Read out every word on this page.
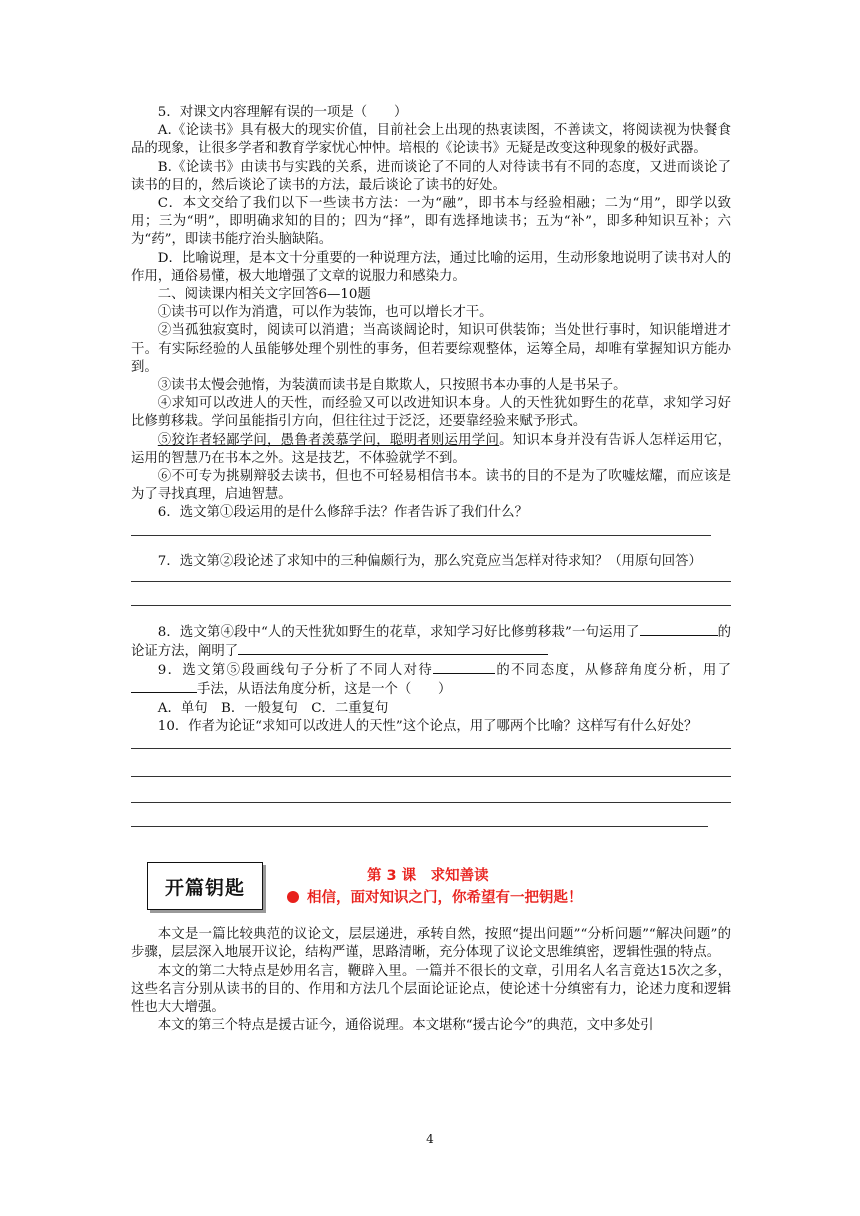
5．对课文内容理解有误的一项是（　　）

A.《论读书》具有极大的现实价值，目前社会上出现的热衷读图，不善读文，将阅读视为快餐食品的现象，让很多学者和教育学家忧心忡忡。培根的《论读书》无疑是改变这种现象的极好武器。

B.《论读书》由读书与实践的关系，进而谈论了不同的人对待读书有不同的态度，又进而谈论了读书的目的，然后谈论了读书的方法，最后谈论了读书的好处。

C．本文交给了我们以下一些读书方法：一为“融”，即书本与经验相融；二为“用”，即学以致用；三为“明”，即明确求知的目的；四为“择”，即有选择地读书；五为“补”，即多种知识互补；六为“药”，即读书能疗治头脑缺陷。

D．比喻说理，是本文十分重要的一种说理方法，通过比喻的运用，生动形象地说明了读书对人的作用，通俗易懂，极大地增强了文章的说服力和感染力。

二、阅读课内相关文字回答6—10题

①读书可以作为消遣，可以作为装饰，也可以增长才干。

②当孤独寂寞时，阅读可以消遣；当高谈阔论时，知识可供装饰；当处世行事时，知识能增进才干。有实际经验的人虽能够处理个别性的事务，但若要综观整体，运筹全局，却唯有掌握知识方能办到。

③读书太慢会弛惰，为装潢而读书是自欺欺人，只按照书本办事的人是书呆子。

④求知可以改进人的天性，而经验又可以改进知识本身。人的天性犹如野生的花草，求知学习好比修剪移栽。学问虽能指引方向，但往往过于泛泛，还要靠经验来赋予形式。

⑤狡诈者轻鄙学问，愚鲁者羡慕学问，聪明者则运用学问。知识本身并没有告诉人怎样运用它，运用的智慧乃在书本之外。这是技艺，不体验就学不到。

⑥不可专为挑剔辩驳去读书，但也不可轻易相信书本。读书的目的不是为了吹嘘炫耀，而应该是为了寻找真理，启迪智慧。

6．选文第①段运用的是什么修辞手法？作者告诉了我们什么？

7．选文第②段论述了求知中的三种偏颇行为，那么究竟应当怎样对待求知？（用原句回答）

8．选文第④段中“人的天性犹如野生的花草，求知学习好比修剪移栽”一句运用了	的论证方法，阐明了

9．选文第⑤段画线句子分析了不同人对待	的不同态度，从修辞角度分析，用了手法，从语法角度分析，这是一个（　　）

A．单句　B．一般复句　C．二重复句

10．作者为论证“求知可以改进人的天性”这个论点，用了哪两个比喻？这样写有什么好处？

开篇钥匙
第 3 课　求知善读
相信，面对知识之门，你希望有一把钥匙！

本文是一篇比较典范的议论文，层层递进，承转自然，按照“提出问题”“分析问题”“解决问题”的步骤，层层深入地展开议论，结构严谨，思路清晰，充分体现了议论文思维缜密，逻辑性强的特点。

本文的第二大特点是妙用名言，鞭辟入里。一篇并不很长的文章，引用名人名言竟达15次之多，这些名言分别从读书的目的、作用和方法几个层面论证论点，使论述十分缜密有力，论述力度和逻辑性也大大增强。

本文的第三个特点是援古证今，通俗说理。本文堪称“援古论今”的典范，文中多处引

4
